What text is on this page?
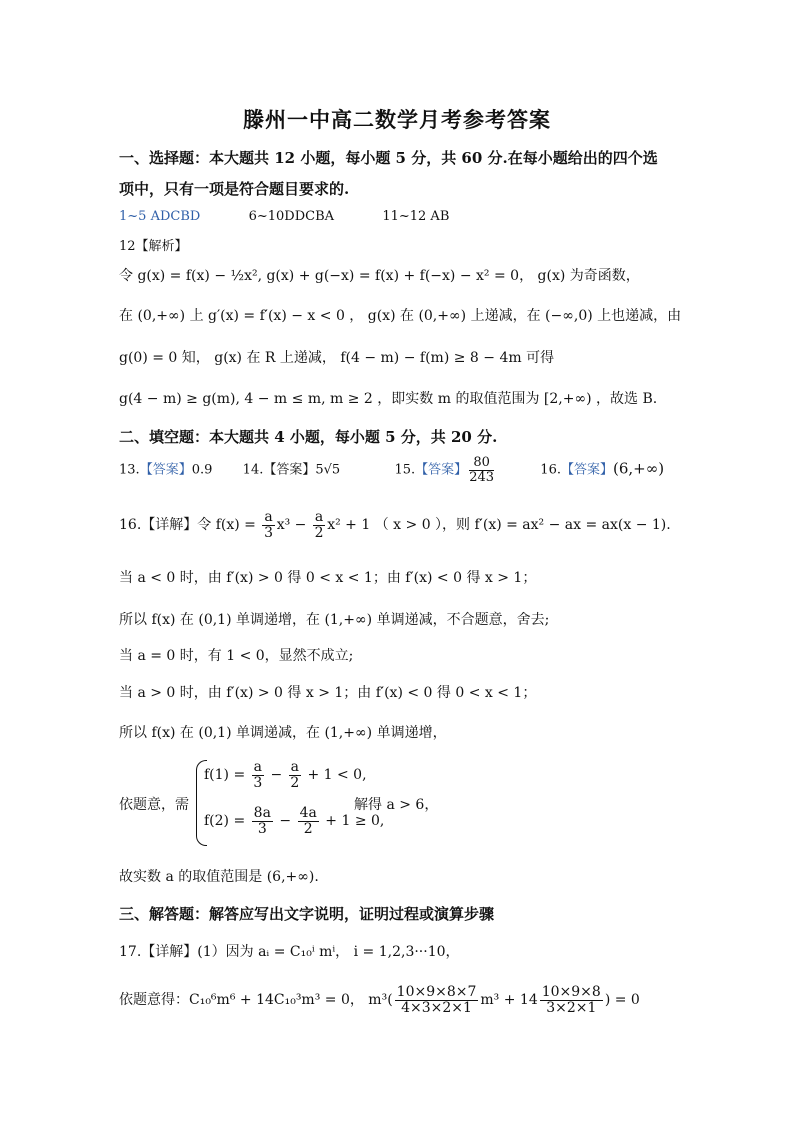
滕州一中高二数学月考参考答案
一、选择题：本大题共 12 小题，每小题 5 分，共 60 分.在每小题给出的四个选
项中，只有一项是符合题目要求的.
1~5 ADCBD	6~10DDCBA	11~12 AB
12【解析】
令 g(x) = f(x) − ½x², g(x) + g(−x) = f(x) + f(−x) − x² = 0， g(x) 为奇函数，
在 (0,+∞) 上 g′(x) = f′(x) − x < 0 ， g(x) 在 (0,+∞) 上递减，在 (−∞,0) 上也递减，由
g(0) = 0 知， g(x) 在 R 上递减， f(4 − m) − f(m) ≥ 8 − 4m 可得
g(4 − m) ≥ g(m), 4 − m ≤ m, m ≥ 2 ，即实数 m 的取值范围为 [2,+∞) ，故选 B.
二、填空题：本大题共 4 小题，每小题 5 分，共 20 分.
13.【答案】0.9 14.【答案】5√5	15.【答案】 $\frac{80}{243}$	16.【答案】(6,+∞)
16.【详解】令 $f(x) = \frac{a}{3} x^3 - \frac{a}{2} x^2 + 1$ （ x > 0 ），则 f′(x) = ax² − ax = ax(x − 1).
当 a < 0 时，由 f′(x) > 0 得 0 < x < 1；由 f′(x) < 0 得 x > 1；
所以 f(x) 在 (0,1) 单调递增，在 (1,+∞) 单调递减，不合题意，舍去;
当 a = 0 时，有 1 < 0，显然不成立;
当 a > 0 时，由 f′(x) > 0 得 x > 1；由 f′(x) < 0 得 0 < x < 1；
所以 f(x) 在 (0,1) 单调递减，在 (1,+∞) 单调递增，
依题意，需
$f(1) = \frac{a}{3} - \frac{a}{2} + 1 < 0$,
$f(2) = \frac{8a}{3} - \frac{4a}{2} + 1 \ge 0$,
解得 a > 6，
故实数 a 的取值范围是 (6,+∞).
三、解答题：解答应写出文字说明，证明过程或演算步骤
17.【详解】(1）因为 aᵢ = C₁₀ⁱ mⁱ， i = 1,2,3···10，
依题意得：C₁₀⁶m⁶ + 14C₁₀³m³ = 0， $m^3( \frac{10\times 9\times 8\times 7}{4\times 3\times 2\times 1} m^3 + 14 \frac{10\times 9\times 8}{3\times 2\times 1}$ ) = 0
